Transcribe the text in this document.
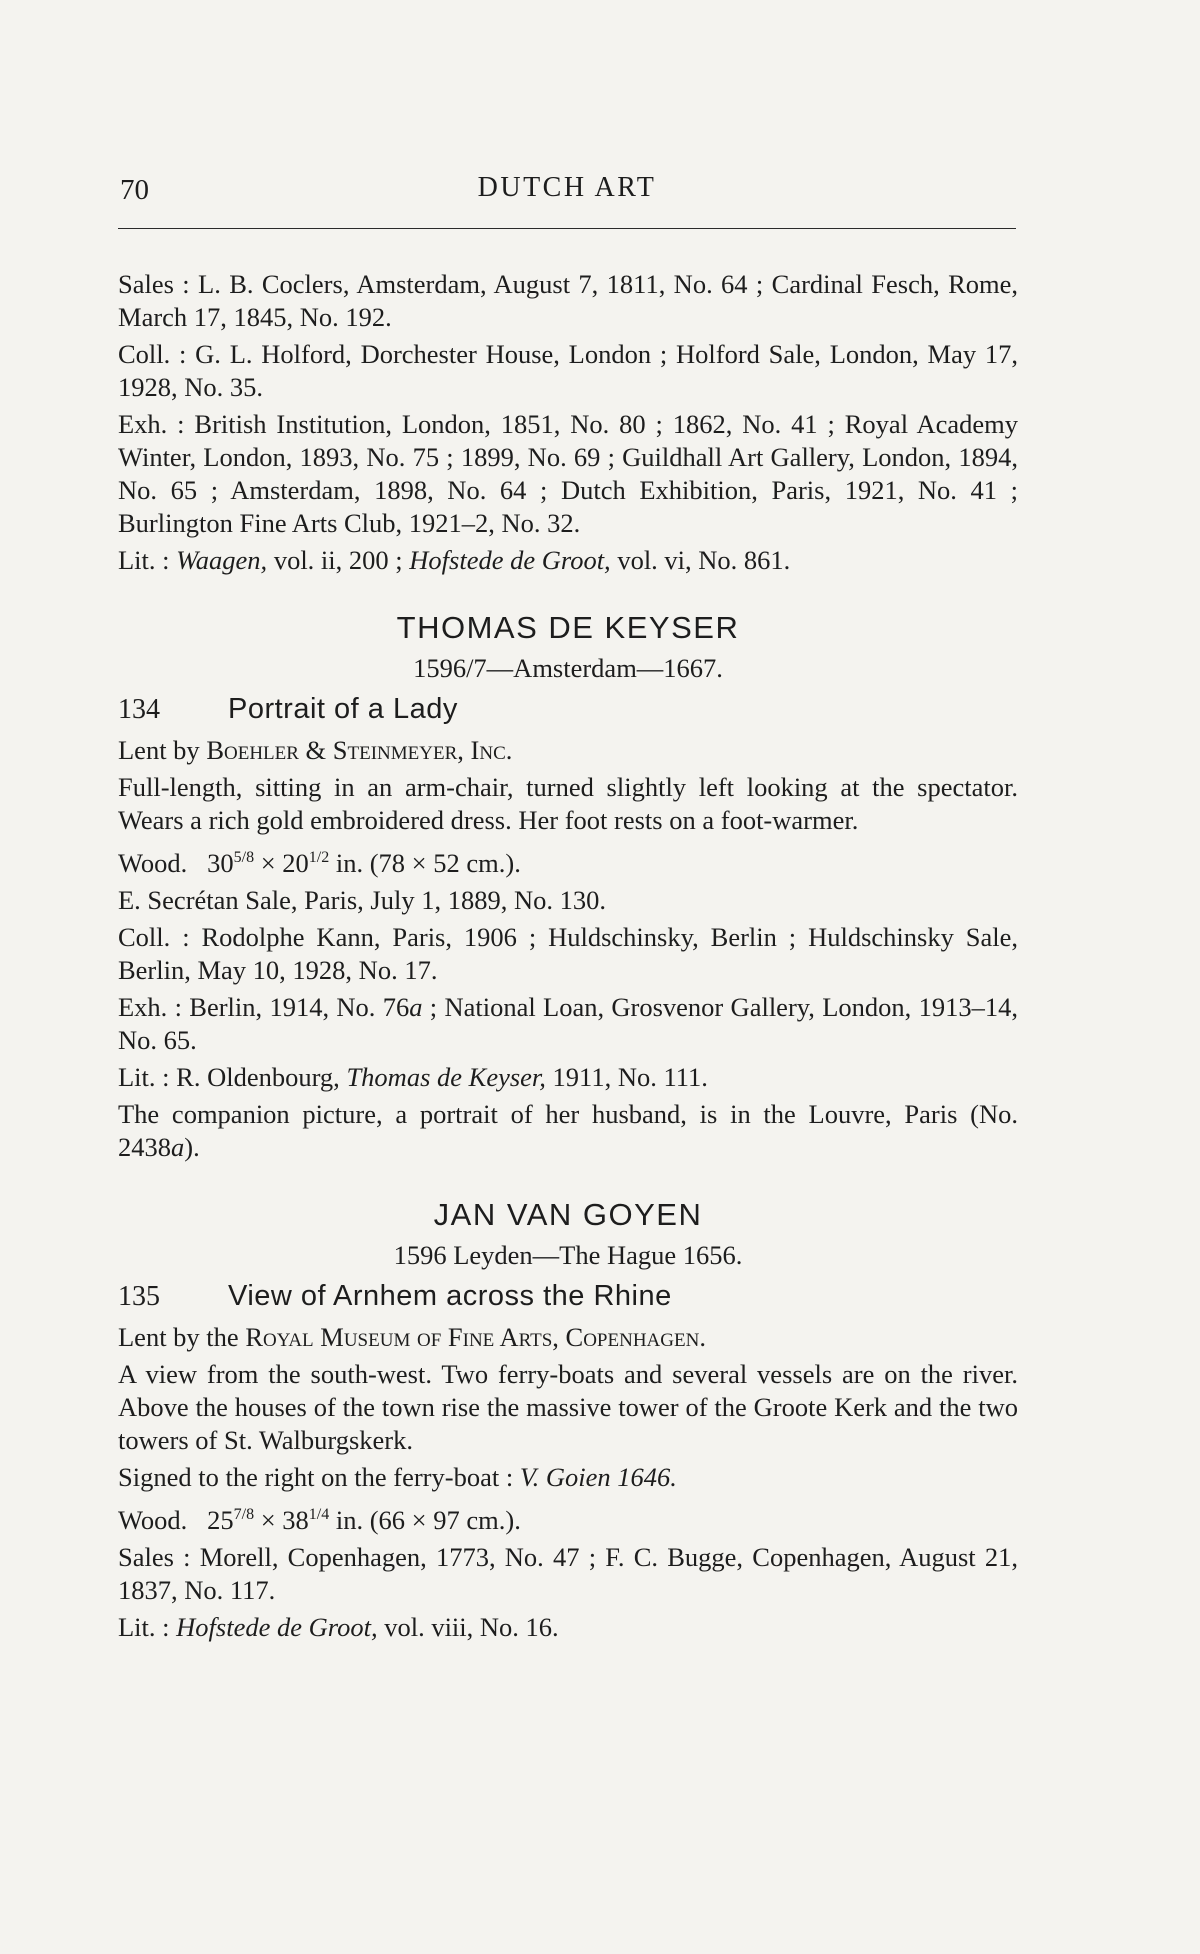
70	DUTCH ART

Sales : L. B. Coclers, Amsterdam, August 7, 1811, No. 64 ; Cardinal Fesch, Rome, March 17, 1845, No. 192.

Coll. : G. L. Holford, Dorchester House, London ; Holford Sale, London, May 17, 1928, No. 35.

Exh. : British Institution, London, 1851, No. 80 ; 1862, No. 41 ; Royal Academy Winter, London, 1893, No. 75 ; 1899, No. 69 ; Guildhall Art Gallery, London, 1894, No. 65 ; Amsterdam, 1898, No. 64 ; Dutch Exhibition, Paris, 1921, No. 41 ; Burlington Fine Arts Club, 1921–2, No. 32.

Lit. : Waagen, vol. ii, 200 ; Hofstede de Groot, vol. vi, No. 861.

THOMAS DE KEYSER
1596/7—Amsterdam—1667.
134	Portrait of a Lady

Lent by Boehler & Steinmeyer, Inc.

Full-length, sitting in an arm-chair, turned slightly left looking at the spectator. Wears a rich gold embroidered dress. Her foot rests on a foot-warmer.

Wood. $30^{5/8} \times 20^{1/2}$ in. (78 × 52 cm.).

E. Secrétan Sale, Paris, July 1, 1889, No. 130.

Coll. : Rodolphe Kann, Paris, 1906 ; Huldschinsky, Berlin ; Huldschinsky Sale, Berlin, May 10, 1928, No. 17.

Exh. : Berlin, 1914, No. 76a ; National Loan, Grosvenor Gallery, London, 1913–14, No. 65.

Lit. : R. Oldenbourg, Thomas de Keyser, 1911, No. 111.

The companion picture, a portrait of her husband, is in the Louvre, Paris (No. 2438a).

JAN VAN GOYEN
1596 Leyden—The Hague 1656.
135	View of Arnhem across the Rhine

Lent by the Royal Museum of Fine Arts, Copenhagen.

A view from the south-west. Two ferry-boats and several vessels are on the river. Above the houses of the town rise the massive tower of the Groote Kerk and the two towers of St. Walburgskerk.

Signed to the right on the ferry-boat : V. Goien 1646.

Wood. $25^{7/8} \times 38^{1/4}$ in. (66 × 97 cm.).

Sales : Morell, Copenhagen, 1773, No. 47 ; F. C. Bugge, Copenhagen, August 21, 1837, No. 117.

Lit. : Hofstede de Groot, vol. viii, No. 16.
